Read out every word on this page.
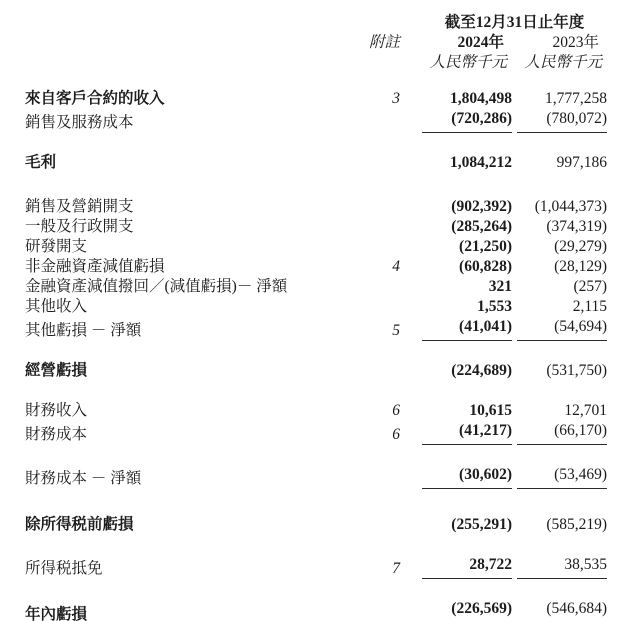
			截至12月31日止年度		
	附註		2024年		2023年
			人民幣千元		人民幣千元

來自客戶合約的收入	3		1,804,498		1,777,258
銷售及服務成本			(720,286)		(780,072)

毛利			1,084,212		997,186

銷售及營銷開支			(902,392)		(1,044,373)
一般及行政開支			(285,264)		(374,319)
研發開支			(21,250)		(29,279)
非金融資產減值虧損	4		(60,828)		(28,129)
金融資產減值撥回／(減值虧損)－ 淨額			321		(257)
其他收入			1,553		2,115
其他虧損 － 淨額	5		(41,041)		(54,694)

經營虧損			(224,689)		(531,750)

財務收入	6		10,615		12,701
財務成本	6		(41,217)		(66,170)

財務成本 － 淨額			(30,602)		(53,469)

除所得税前虧損			(255,291)		(585,219)

所得税抵免	7		28,722		38,535

年內虧損			(226,569)		(546,684)
